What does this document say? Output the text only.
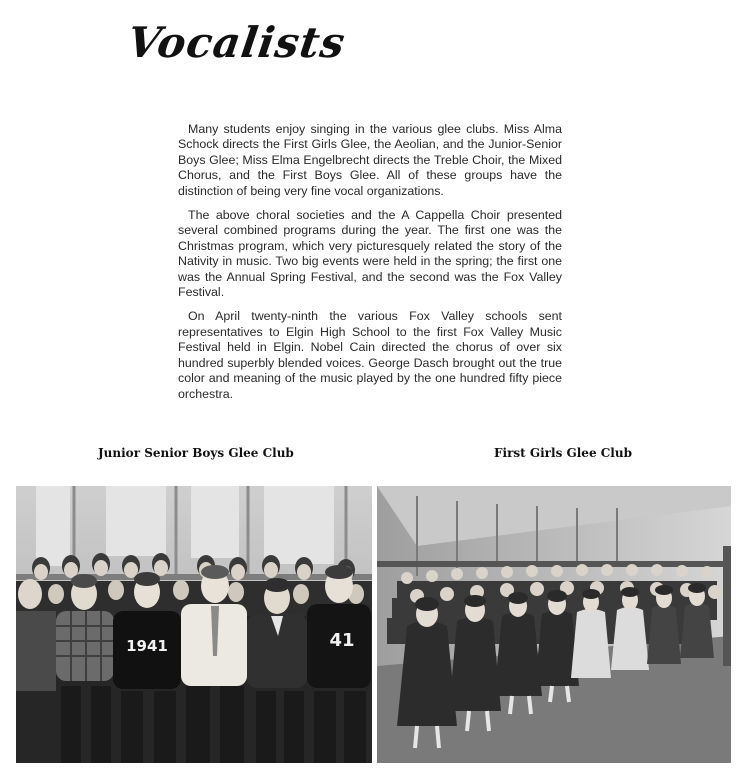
Vocalists

Many students enjoy singing in the various glee clubs. Miss Alma Schock directs the First Girls Glee, the Aeolian, and the Junior-Senior Boys Glee; Miss Elma Engelbrecht directs the Treble Choir, the Mixed Chorus, and the First Boys Glee. All of these groups have the distinction of being very fine vocal organizations.

The above choral societies and the A Cappella Choir presented several combined programs during the year. The first one was the Christmas program, which very picturesquely related the story of the Nativity in music. Two big events were held in the spring; the first one was the Annual Spring Festival, and the second was the Fox Valley Festival.

On April twenty-ninth the various Fox Valley schools sent representatives to Elgin High School to the first Fox Valley Music Festival held in Elgin. Nobel Cain directed the chorus of over six hundred superbly blended voices. George Dasch brought out the true color and meaning of the music played by the one hundred fifty piece orchestra.

Junior Senior Boys Glee Club	First Girls Glee Club

1941	41
